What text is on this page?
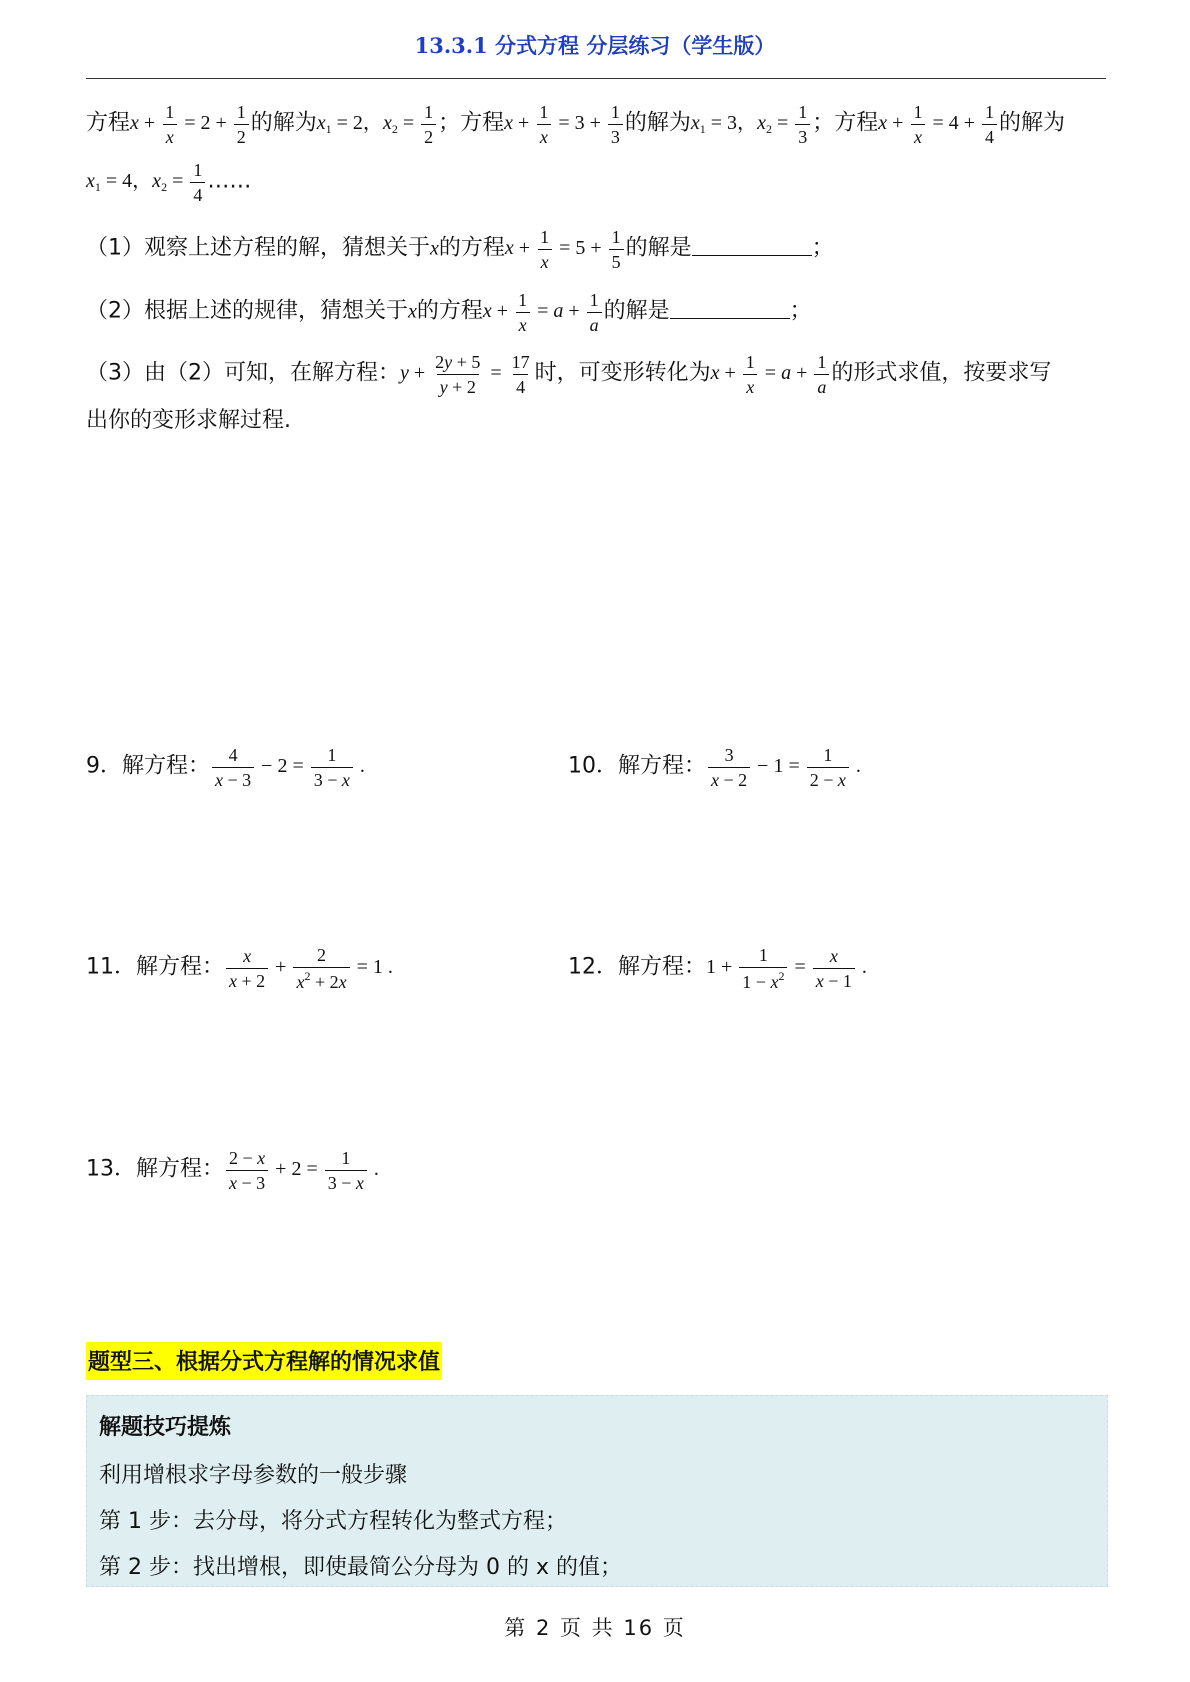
13.3.1 分式方程 分层练习（学生版）
方程$x + \frac{1}{x} = 2 + \frac{1}{2}$ 的解为$x_1 = 2$，$x_2 = \frac{1}{2}$ ；方程$x + \frac{1}{x} = 3 + \frac{1}{3}$ 的解为$x_1 = 3$，$x_2 = \frac{1}{3}$ ；方程$x + \frac{1}{x} = 4 + \frac{1}{4}$ 的解为
$x_1 = 4$，$x_2 = \frac{1}{4}$ ……
（1）观察上述方程的解，猜想关于x的方程$x + \frac{1}{x} = 5 + \frac{1}{5}$ 的解是	；
（2）根据上述的规律，猜想关于x的方程$x + \frac{1}{x} = a + \frac{1}{a}$ 的解是	；
（3）由（2）可知，在解方程：$y + \frac{2y + 5}{y + 2} = \frac{17}{4}$ 时，可变形转化为$x + \frac{1}{x} = a + \frac{1}{a}$ 的形式求值，按要求写
出你的变形求解过程.
9．解方程： $\frac{4}{x - 3} - 2 = \frac{1}{3 - x}$ .	10．解方程： $\frac{3}{x - 2} - 1 = \frac{1}{2 - x}$ .
11．解方程： $\frac{x}{x + 2} + \frac{2}{x^2 + 2x} = 1$ .	12．解方程：$1 + \frac{1}{1 - x^2} = \frac{x}{x - 1}$ .
13．解方程： $\frac{2 - x}{x - 3} + 2 = \frac{1}{3 - x}$ .
题型三、根据分式方程解的情况求值
解题技巧提炼
利用增根求字母参数的一般步骤
第 1 步：去分母，将分式方程转化为整式方程；
第 2 步：找出增根，即使最简公分母为 0 的 x 的值；
第 2 页 共 16 页
